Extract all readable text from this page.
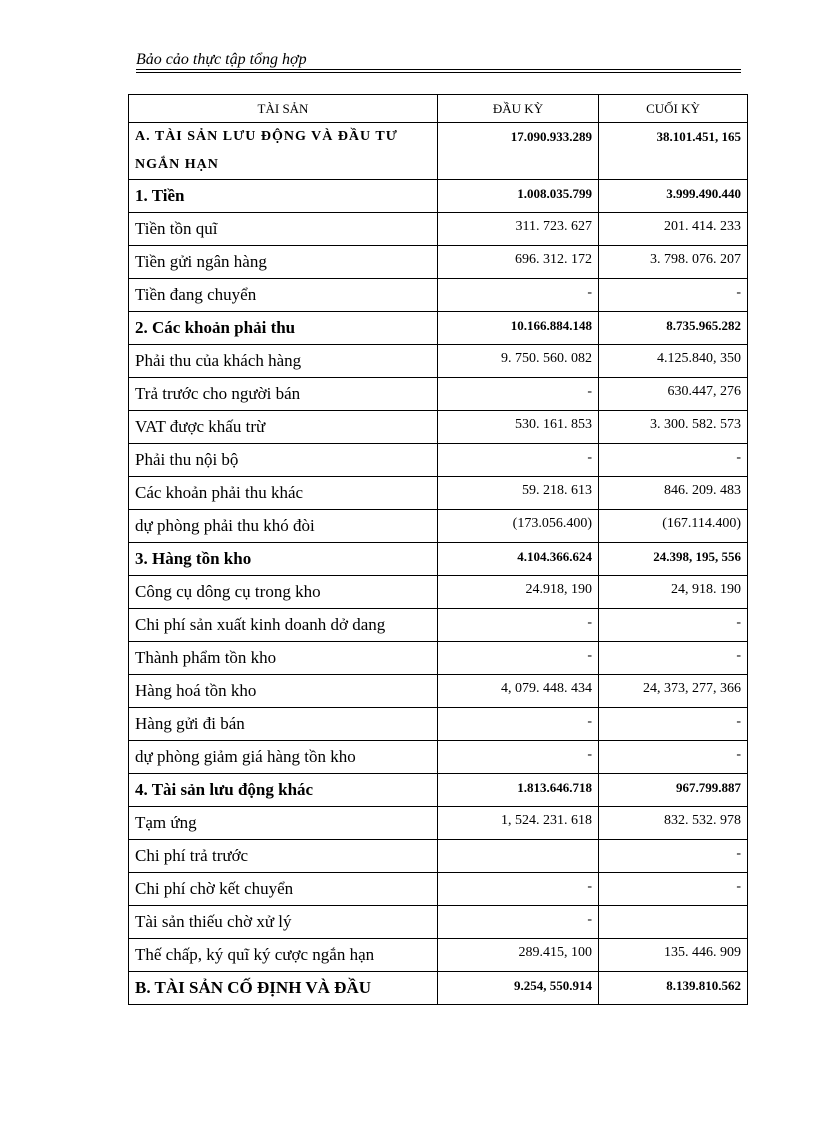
Bảo cảo thực tập tổng hợp
TÀI SẢN	ĐẦU KỲ	CUỐI KỲ
A. TÀI SẢN LƯU ĐỘNG VÀ ĐẦU TƯ NGẮN HẠN	17.090.933.289	38.101.451, 165
1. Tiền	1.008.035.799	3.999.490.440
Tiền tồn quĩ	311. 723. 627	201. 414. 233
Tiền gửi ngân hàng	696. 312. 172	3. 798. 076. 207
Tiền đang chuyển	-	-
2. Các khoản phải thu	10.166.884.148	8.735.965.282
Phải thu của khách hàng	9. 750. 560. 082	4.125.840, 350
Trả trước cho người bán	-	630.447, 276
VAT được khấu trừ	530. 161. 853	3. 300. 582. 573
Phải thu nội bộ	-	-
Các khoản phải thu khác	59. 218. 613	846. 209. 483
dự phòng phải thu khó đòi	(173.056.400)	(167.114.400)
3. Hàng tồn kho	4.104.366.624	24.398, 195, 556
Công cụ dông cụ trong kho	24.918, 190	24, 918. 190
Chi phí sản xuất kinh doanh dở dang	-	-
Thành phẩm tồn kho	-	-
Hàng hoá tồn kho	4, 079. 448. 434	24, 373, 277, 366
Hàng gửi đi bán	-	-
dự phòng giảm giá hàng tồn kho	-	-
4. Tài sản lưu động khác	1.813.646.718	967.799.887
Tạm ứng	1, 524. 231. 618	832. 532. 978
Chi phí trả trước		-
Chi phí chờ kết chuyển	-	-
Tài sản thiếu chờ xử lý	-	
Thế chấp, ký quĩ ký cược ngắn hạn	289.415, 100	135. 446. 909
B. TÀI SẢN CỐ ĐỊNH VÀ ĐẦU	9.254, 550.914	8.139.810.562
